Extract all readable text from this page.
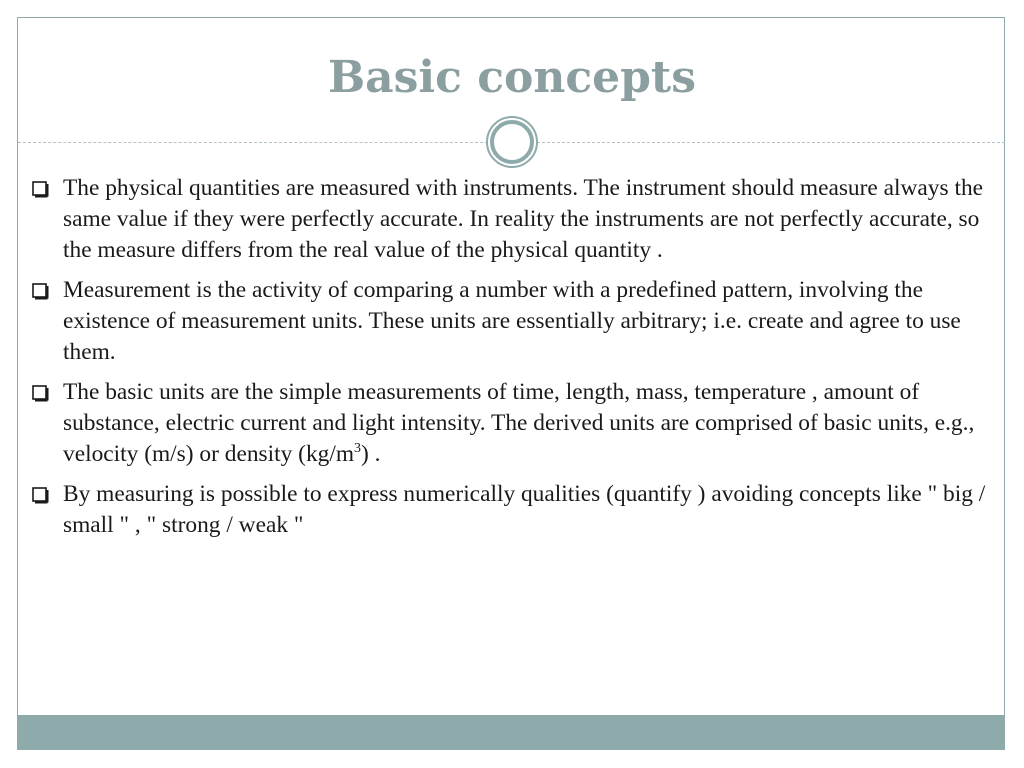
Basic concepts
The physical quantities are measured with instruments. The instrument should measure always the same value if they were perfectly accurate. In reality the instruments are not perfectly accurate, so the measure differs from the real value of the physical quantity .
Measurement is the activity of comparing a number with a predefined pattern, involving the existence of measurement units. These units are essentially arbitrary; i.e. create and agree to use them.
The basic units are the simple measurements of time, length, mass, temperature , amount of substance, electric current and light intensity. The derived units are comprised of basic units, e.g., velocity (m/s) or density $(kg/m^3)$ .
By measuring is possible to express numerically qualities (quantify ) avoiding concepts like " big / small " , " strong / weak "
